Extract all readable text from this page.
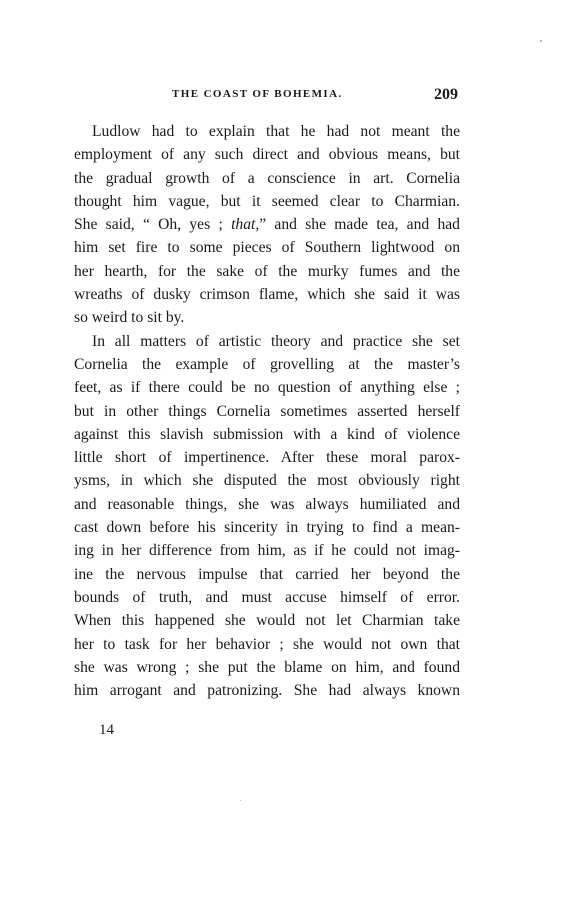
THE COAST OF BOHEMIA.	209
Ludlow had to explain that he had not meant the
employment of any such direct and obvious means, but
the gradual growth of a conscience in art. Cornelia
thought him vague, but it seemed clear to Charmian.
She said, “ Oh, yes ; that,” and she made tea, and had
him set fire to some pieces of Southern lightwood on
her hearth, for the sake of the murky fumes and the
wreaths of dusky crimson flame, which she said it was
so weird to sit by.
In all matters of artistic theory and practice she set
Cornelia the example of grovelling at the master’s
feet, as if there could be no question of anything else ;
but in other things Cornelia sometimes asserted herself
against this slavish submission with a kind of violence
little short of impertinence. After these moral parox-
ysms, in which she disputed the most obviously right
and reasonable things, she was always humiliated and
cast down before his sincerity in trying to find a mean-
ing in her difference from him, as if he could not imag-
ine the nervous impulse that carried her beyond the
bounds of truth, and must accuse himself of error.
When this happened she would not let Charmian take
her to task for her behavior ; she would not own that
she was wrong ; she put the blame on him, and found
him arrogant and patronizing. She had always known
14
